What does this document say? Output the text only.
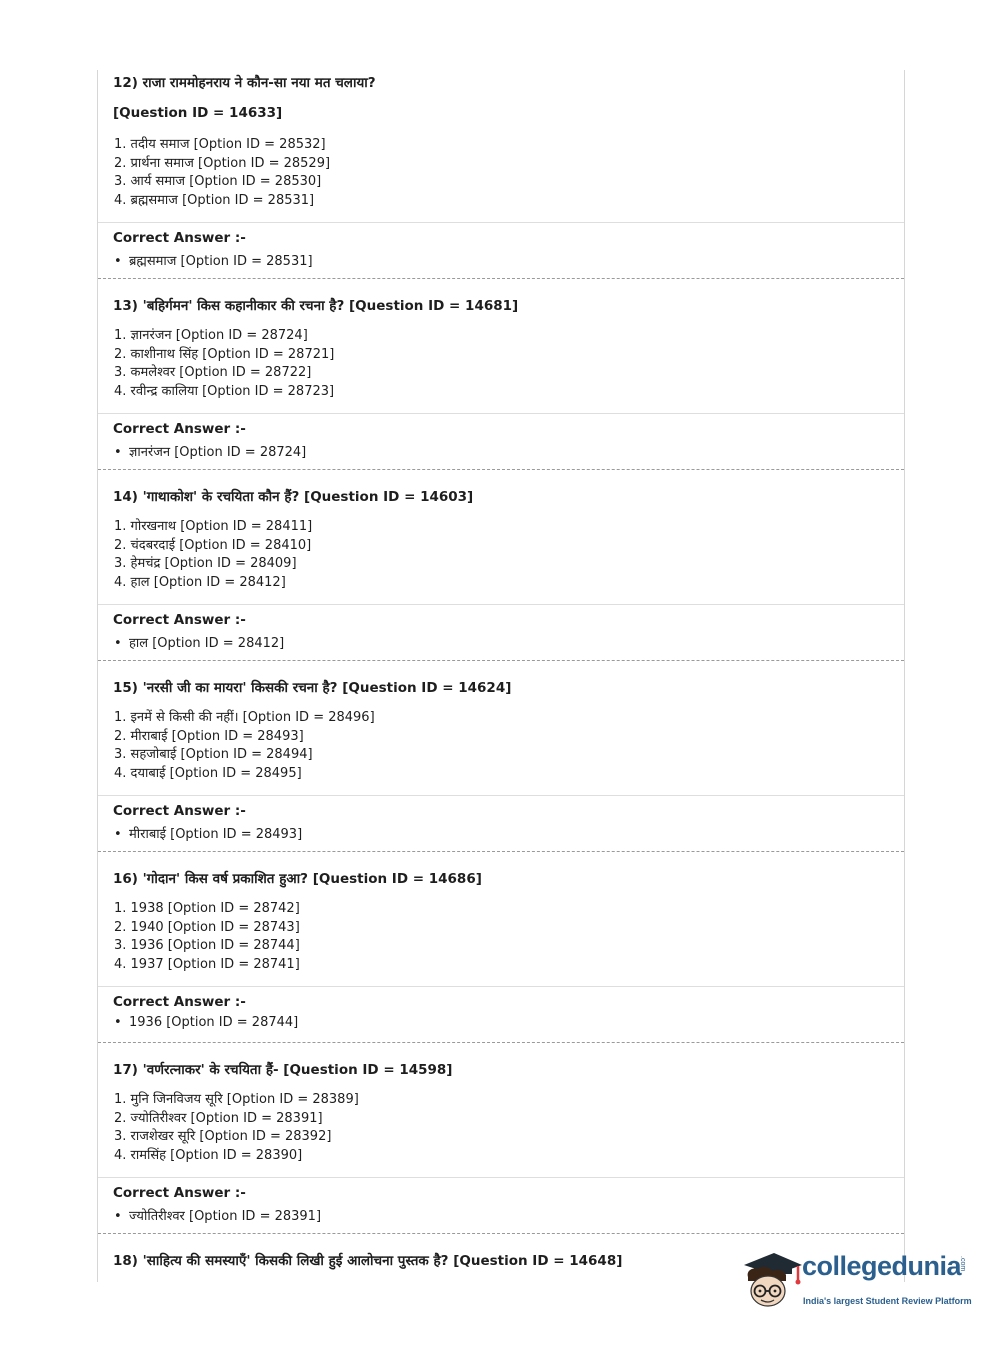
12) राजा राममोहनराय ने कौन-सा नया मत चलाया?
[Question ID = 14633]
1. तदीय समाज [Option ID = 28532]
2. प्रार्थना समाज [Option ID = 28529]
3. आर्य समाज [Option ID = 28530]
4. ब्रह्मसमाज [Option ID = 28531]
Correct Answer :-
• ब्रह्मसमाज [Option ID = 28531]
13) 'बहिर्गमन' किस कहानीकार की रचना है? [Question ID = 14681]
1. ज्ञानरंजन [Option ID = 28724]
2. काशीनाथ सिंह [Option ID = 28721]
3. कमलेश्वर [Option ID = 28722]
4. रवीन्द्र कालिया [Option ID = 28723]
Correct Answer :-
• ज्ञानरंजन [Option ID = 28724]
14) 'गाथाकोश' के रचयिता कौन हैं? [Question ID = 14603]
1. गोरखनाथ [Option ID = 28411]
2. चंदबरदाई [Option ID = 28410]
3. हेमचंद्र [Option ID = 28409]
4. हाल [Option ID = 28412]
Correct Answer :-
• हाल [Option ID = 28412]
15) 'नरसी जी का मायरा' किसकी रचना है? [Question ID = 14624]
1. इनमें से किसी की नहीं। [Option ID = 28496]
2. मीराबाई [Option ID = 28493]
3. सहजोबाई [Option ID = 28494]
4. दयाबाई [Option ID = 28495]
Correct Answer :-
• मीराबाई [Option ID = 28493]
16) 'गोदान' किस वर्ष प्रकाशित हुआ? [Question ID = 14686]
1. 1938 [Option ID = 28742]
2. 1940 [Option ID = 28743]
3. 1936 [Option ID = 28744]
4. 1937 [Option ID = 28741]
Correct Answer :-
• 1936 [Option ID = 28744]
17) 'वर्णरत्नाकर' के रचयिता हैं- [Question ID = 14598]
1. मुनि जिनविजय सूरि [Option ID = 28389]
2. ज्योतिरीश्वर [Option ID = 28391]
3. राजशेखर सूरि [Option ID = 28392]
4. रामसिंह [Option ID = 28390]
Correct Answer :-
• ज्योतिरीश्वर [Option ID = 28391]
18) 'साहित्य की समस्याएँ' किसकी लिखी हुई आलोचना पुस्तक है? [Question ID = 14648]	collegedunia
.com
India's largest Student Review Platform
